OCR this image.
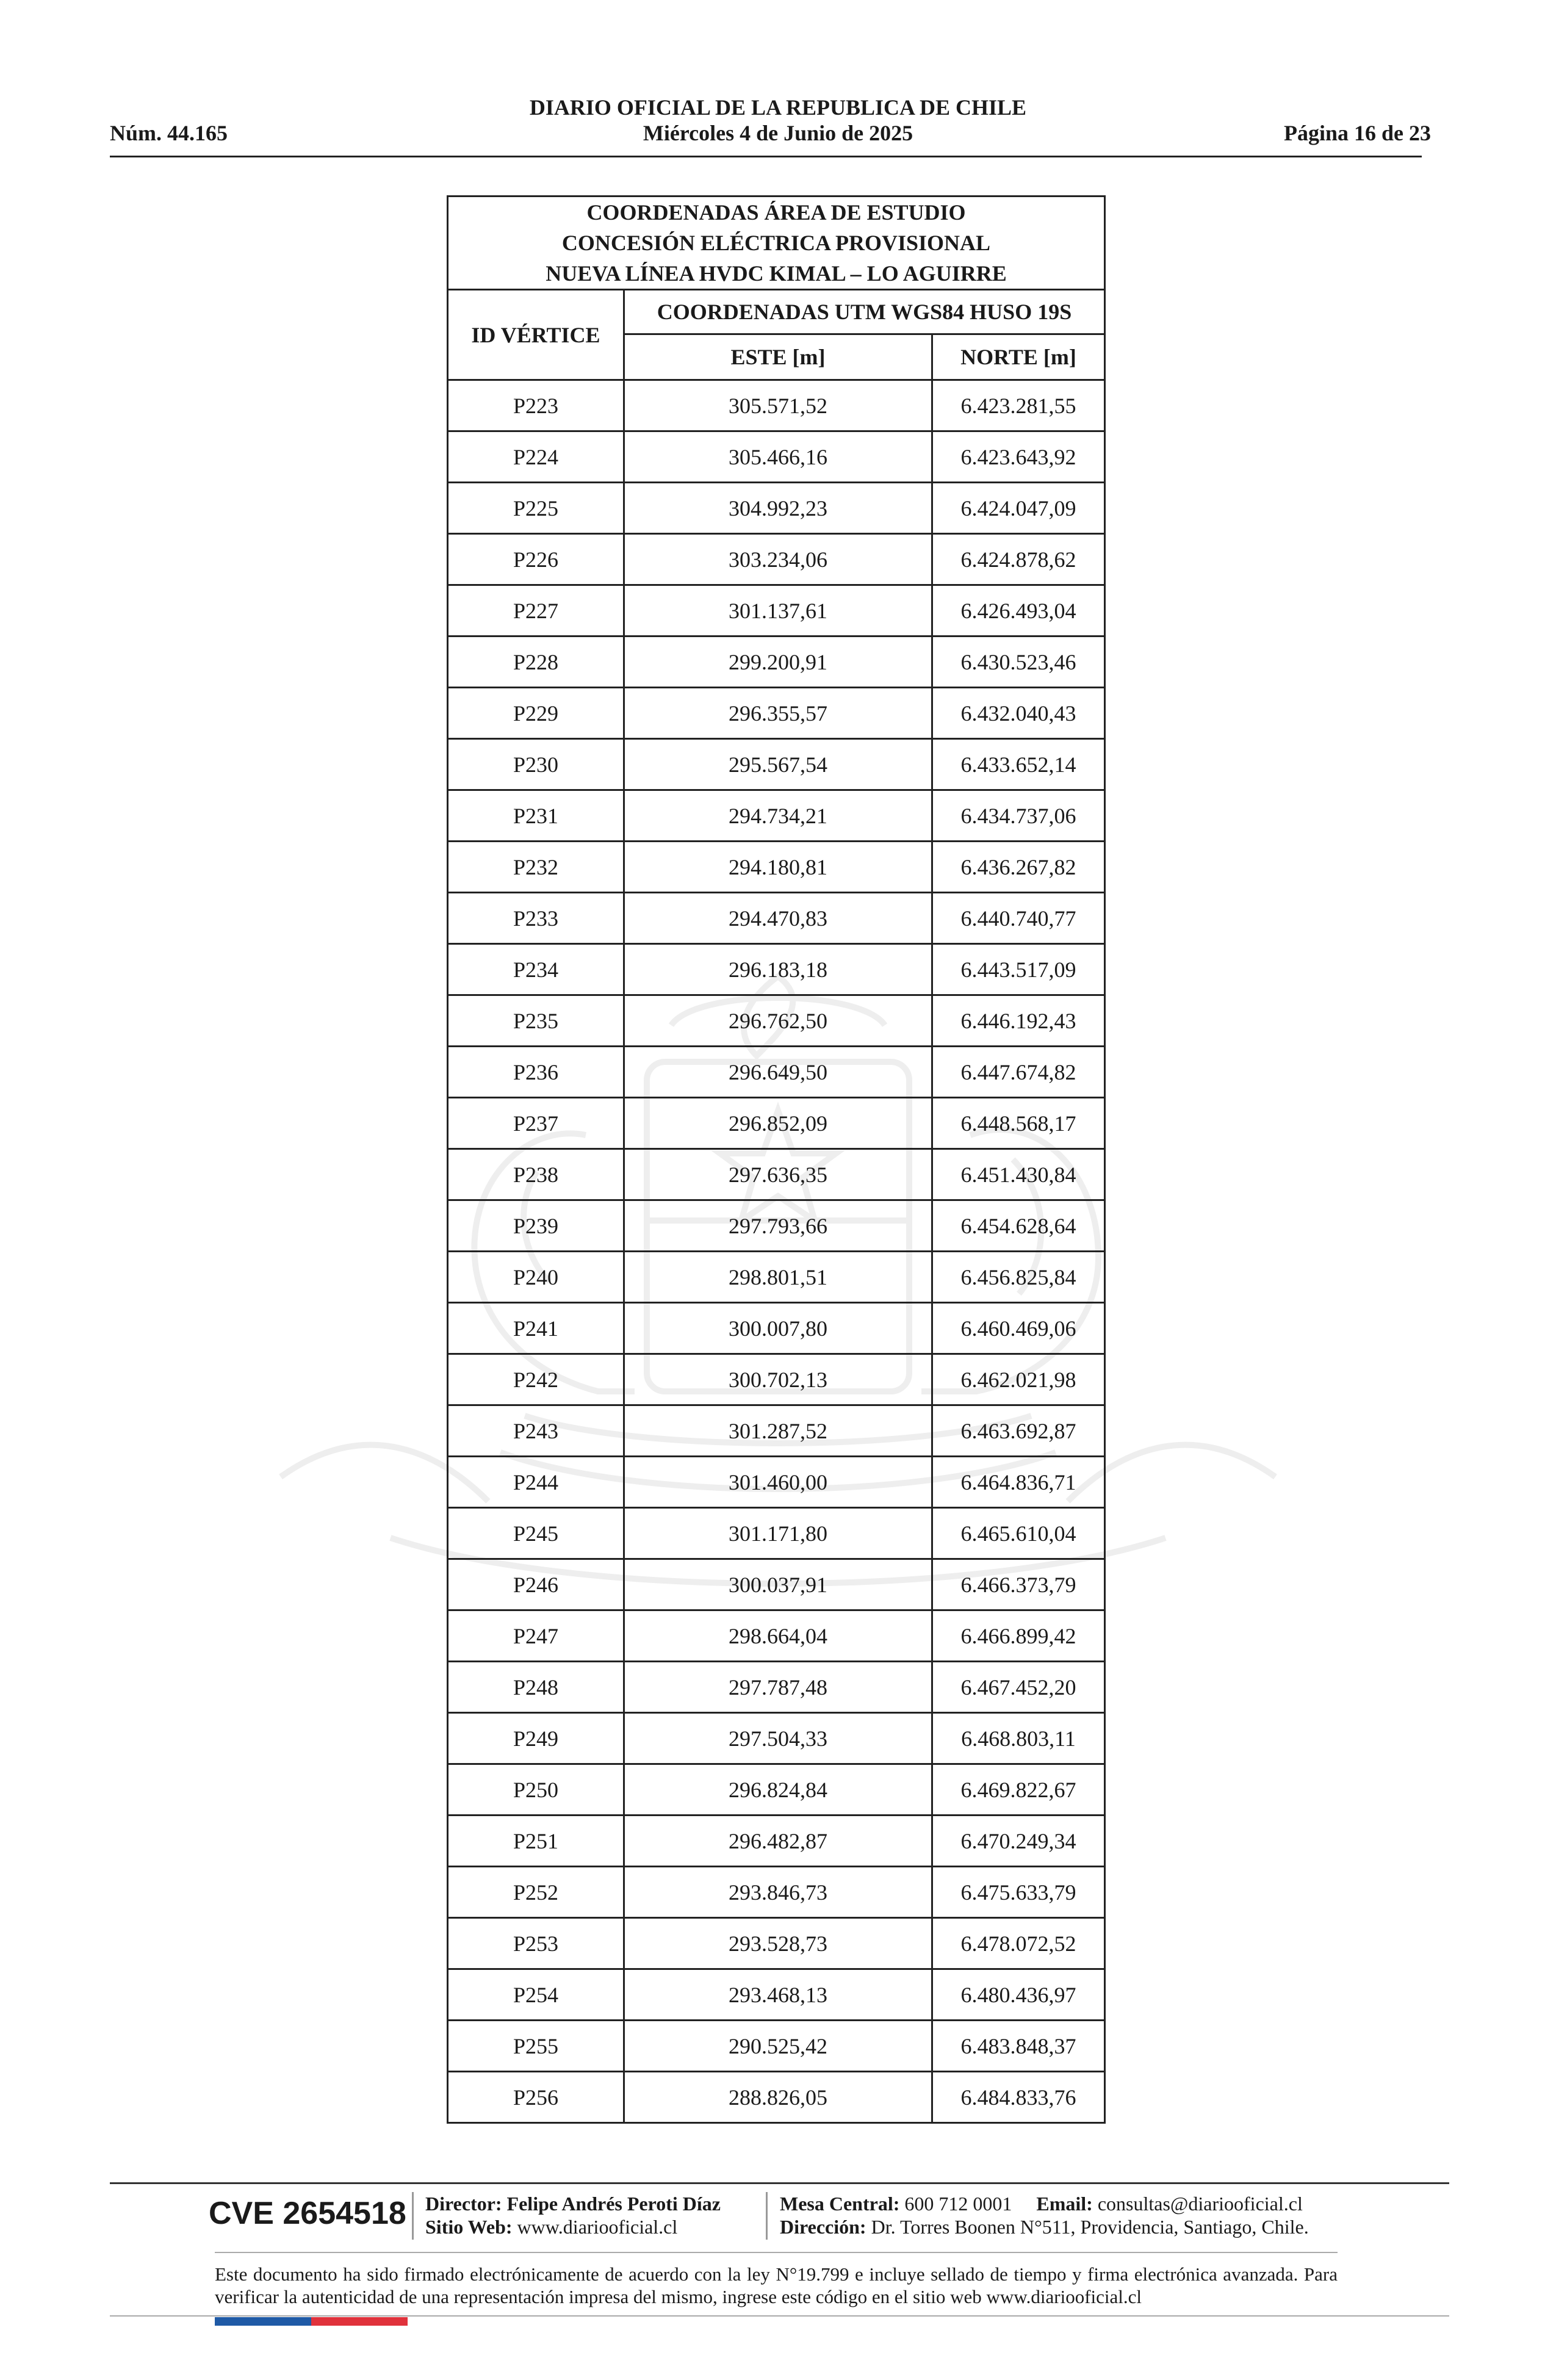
DIARIO OFICIAL DE LA REPUBLICA DE CHILE
Miércoles 4 de Junio de 2025
Núm. 44.165	Página 16 de 23
COORDENADAS ÁREA DE ESTUDIO
CONCESIÓN ELÉCTRICA PROVISIONAL
NUEVA LÍNEA HVDC KIMAL – LO AGUIRRE		

ID VÉRTICE	COORDENADAS UTM WGS84 HUSO 19S	
	ESTE [m]	NORTE [m]
P223	305.571,52	6.423.281,55
P224	305.466,16	6.423.643,92
P225	304.992,23	6.424.047,09
P226	303.234,06	6.424.878,62
P227	301.137,61	6.426.493,04
P228	299.200,91	6.430.523,46
P229	296.355,57	6.432.040,43
P230	295.567,54	6.433.652,14
P231	294.734,21	6.434.737,06
P232	294.180,81	6.436.267,82
P233	294.470,83	6.440.740,77
P234	296.183,18	6.443.517,09
P235	296.762,50	6.446.192,43
P236	296.649,50	6.447.674,82
P237	296.852,09	6.448.568,17
P238	297.636,35	6.451.430,84
P239	297.793,66	6.454.628,64
P240	298.801,51	6.456.825,84
P241	300.007,80	6.460.469,06
P242	300.702,13	6.462.021,98
P243	301.287,52	6.463.692,87
P244	301.460,00	6.464.836,71
P245	301.171,80	6.465.610,04
P246	300.037,91	6.466.373,79
P247	298.664,04	6.466.899,42
P248	297.787,48	6.467.452,20
P249	297.504,33	6.468.803,11
P250	296.824,84	6.469.822,67
P251	296.482,87	6.470.249,34
P252	293.846,73	6.475.633,79
P253	293.528,73	6.478.072,52
P254	293.468,13	6.480.436,97
P255	290.525,42	6.483.848,37
P256	288.826,05	6.484.833,76
CVE 2654518 Director: Felipe Andrés Peroti Díaz
Sitio Web: www.diariooficial.cl
Mesa Central: 600 712 0001 Email: consultas@diariooficial.cl
Dirección: Dr. Torres Boonen N°511, Providencia, Santiago, Chile.
Este documento ha sido firmado electrónicamente de acuerdo con la ley N°19.799 e incluye sellado de tiempo y firma electrónica avanzada. Para verificar la autenticidad de una representación impresa del mismo, ingrese este código en el sitio web www.diariooficial.cl
